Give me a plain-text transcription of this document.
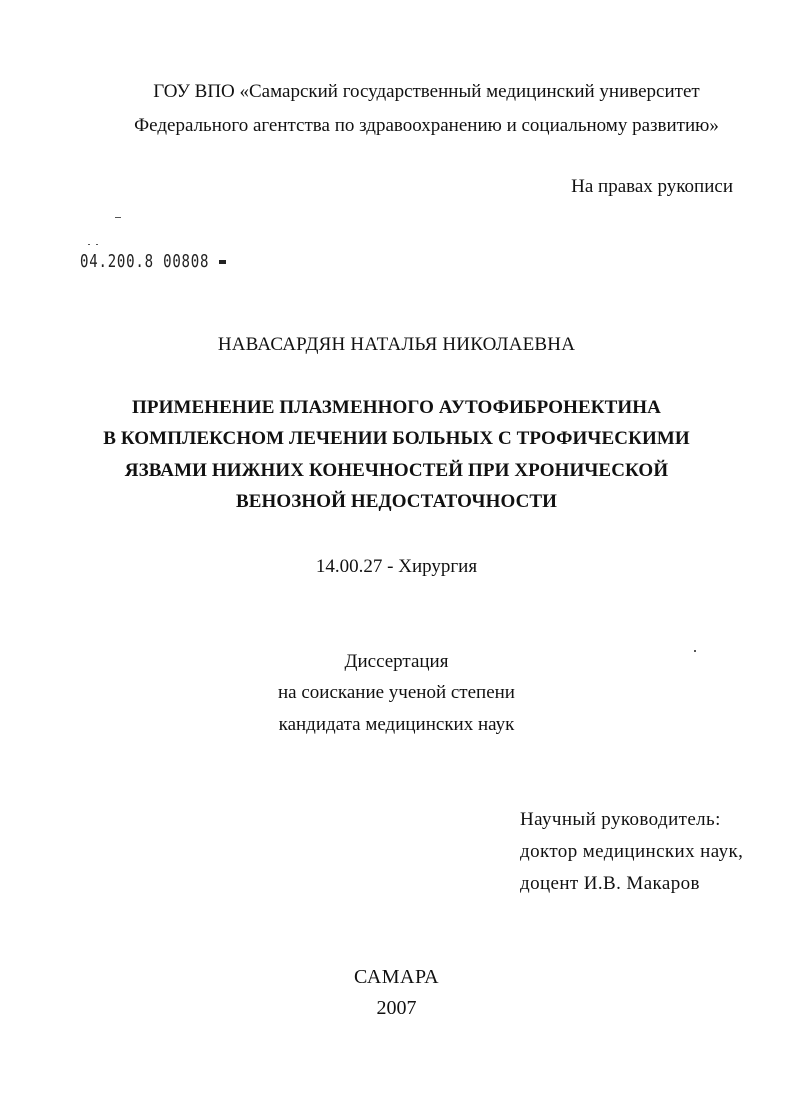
ГОУ ВПО «Самарский государственный медицинский университет
Федерального агентства по здравоохранению и социальному развитию»
На правах рукописи
04.200.8 00808
НАВАСАРДЯН НАТАЛЬЯ НИКОЛАЕВНА
ПРИМЕНЕНИЕ ПЛАЗМЕННОГО АУТОФИБРОНЕКТИНА
В КОМПЛЕКСНОМ ЛЕЧЕНИИ БОЛЬНЫХ С ТРОФИЧЕСКИМИ
ЯЗВАМИ НИЖНИХ КОНЕЧНОСТЕЙ ПРИ ХРОНИЧЕСКОЙ
ВЕНОЗНОЙ НЕДОСТАТОЧНОСТИ
14.00.27 - Хирургия
Диссертация
на соискание ученой степени
кандидата медицинских наук
Научный руководитель:
доктор медицинских наук,
доцент И.В. Макаров
САМАРА
2007
